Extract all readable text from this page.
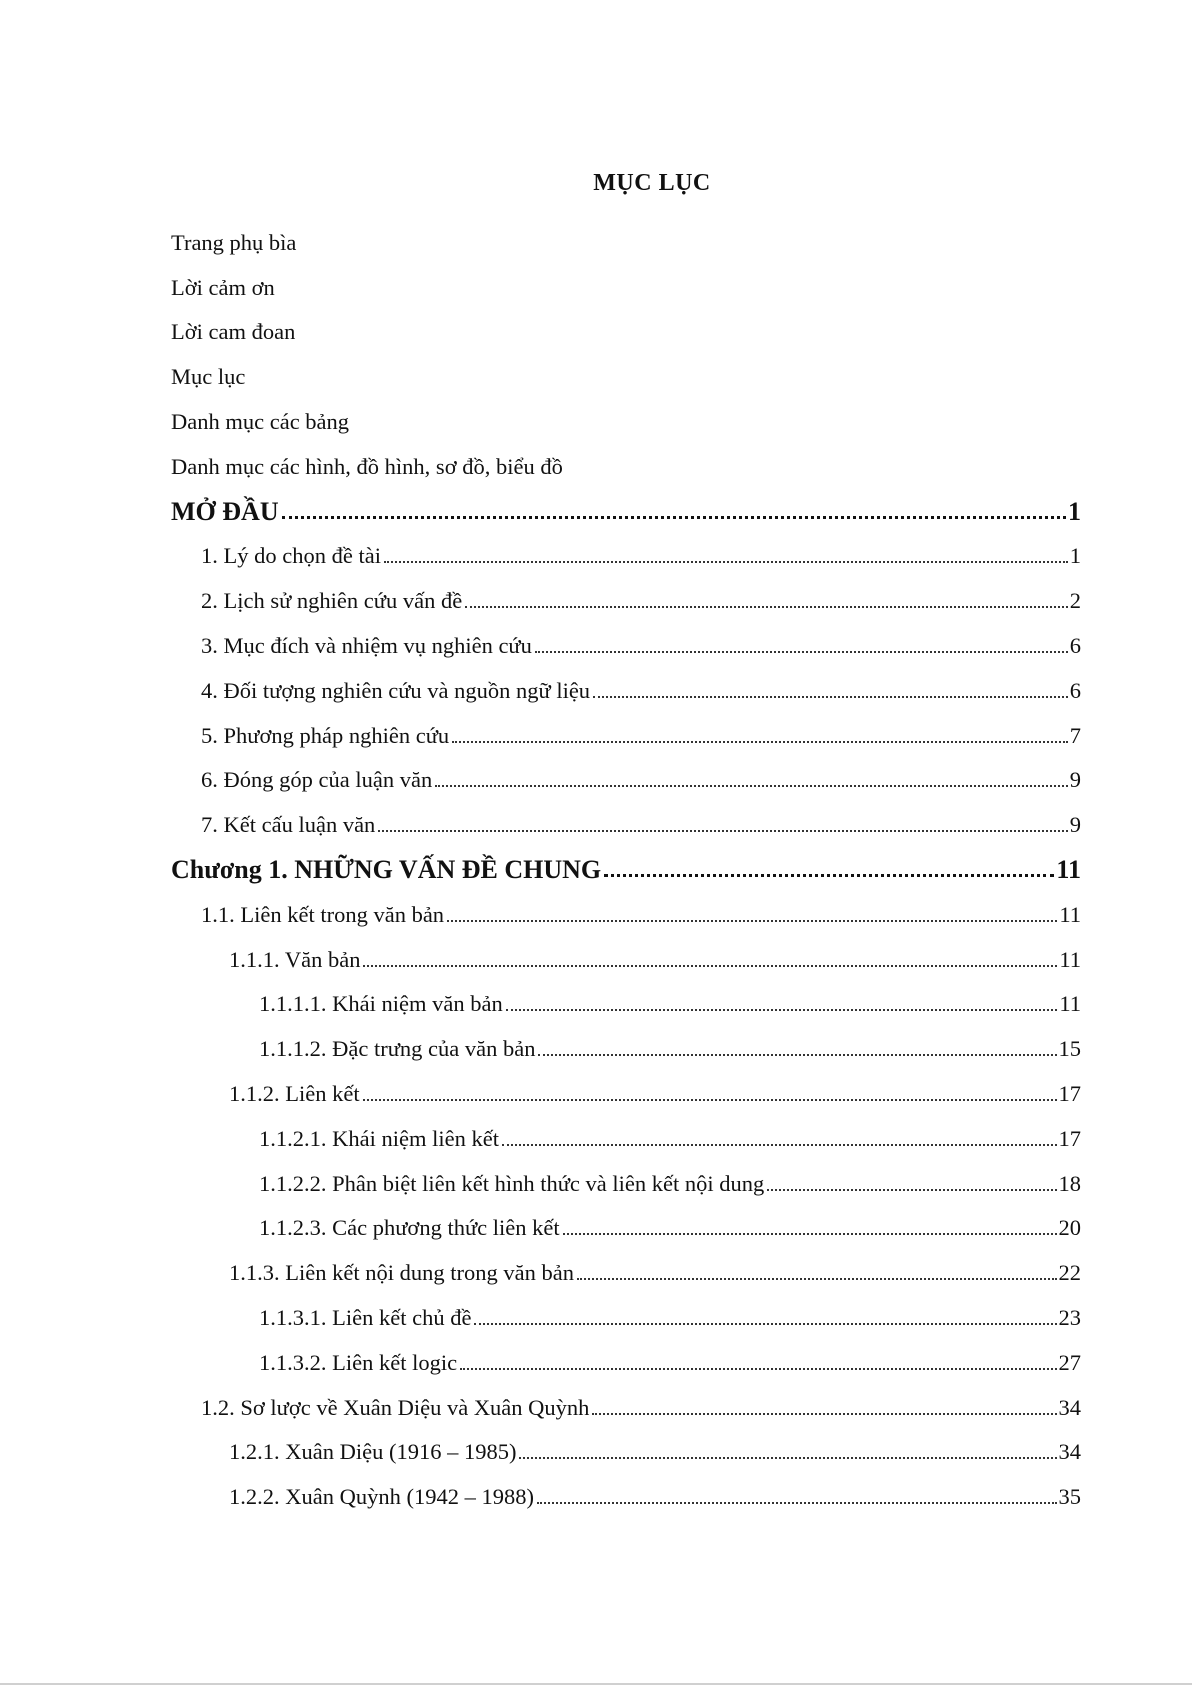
MỤC LỤC
Trang phụ bìa
Lời cảm ơn
Lời cam đoan
Mục lục
Danh mục các bảng
Danh mục các hình, đồ hình, sơ đồ, biểu đồ
MỞ ĐẦU	1
1. Lý do chọn đề tài	1
2. Lịch sử nghiên cứu vấn đề	2
3. Mục đích và nhiệm vụ nghiên cứu	6
4. Đối tượng nghiên cứu và nguồn ngữ liệu	6
5. Phương pháp nghiên cứu	7
6. Đóng góp của luận văn	9
7. Kết cấu luận văn	9
Chương 1. NHỮNG VẤN ĐỀ CHUNG	11
1.1. Liên kết trong văn bản	11
1.1.1. Văn bản	11
1.1.1.1. Khái niệm văn bản	11
1.1.1.2. Đặc trưng của văn bản	15
1.1.2. Liên kết	17
1.1.2.1. Khái niệm liên kết	17
1.1.2.2. Phân biệt liên kết hình thức và liên kết nội dung	18
1.1.2.3. Các phương thức liên kết	20
1.1.3. Liên kết nội dung trong văn bản	22
1.1.3.1. Liên kết chủ đề	23
1.1.3.2. Liên kết logic	27
1.2. Sơ lược về Xuân Diệu và Xuân Quỳnh	34
1.2.1. Xuân Diệu (1916 – 1985)	34
1.2.2. Xuân Quỳnh (1942 – 1988)	35
